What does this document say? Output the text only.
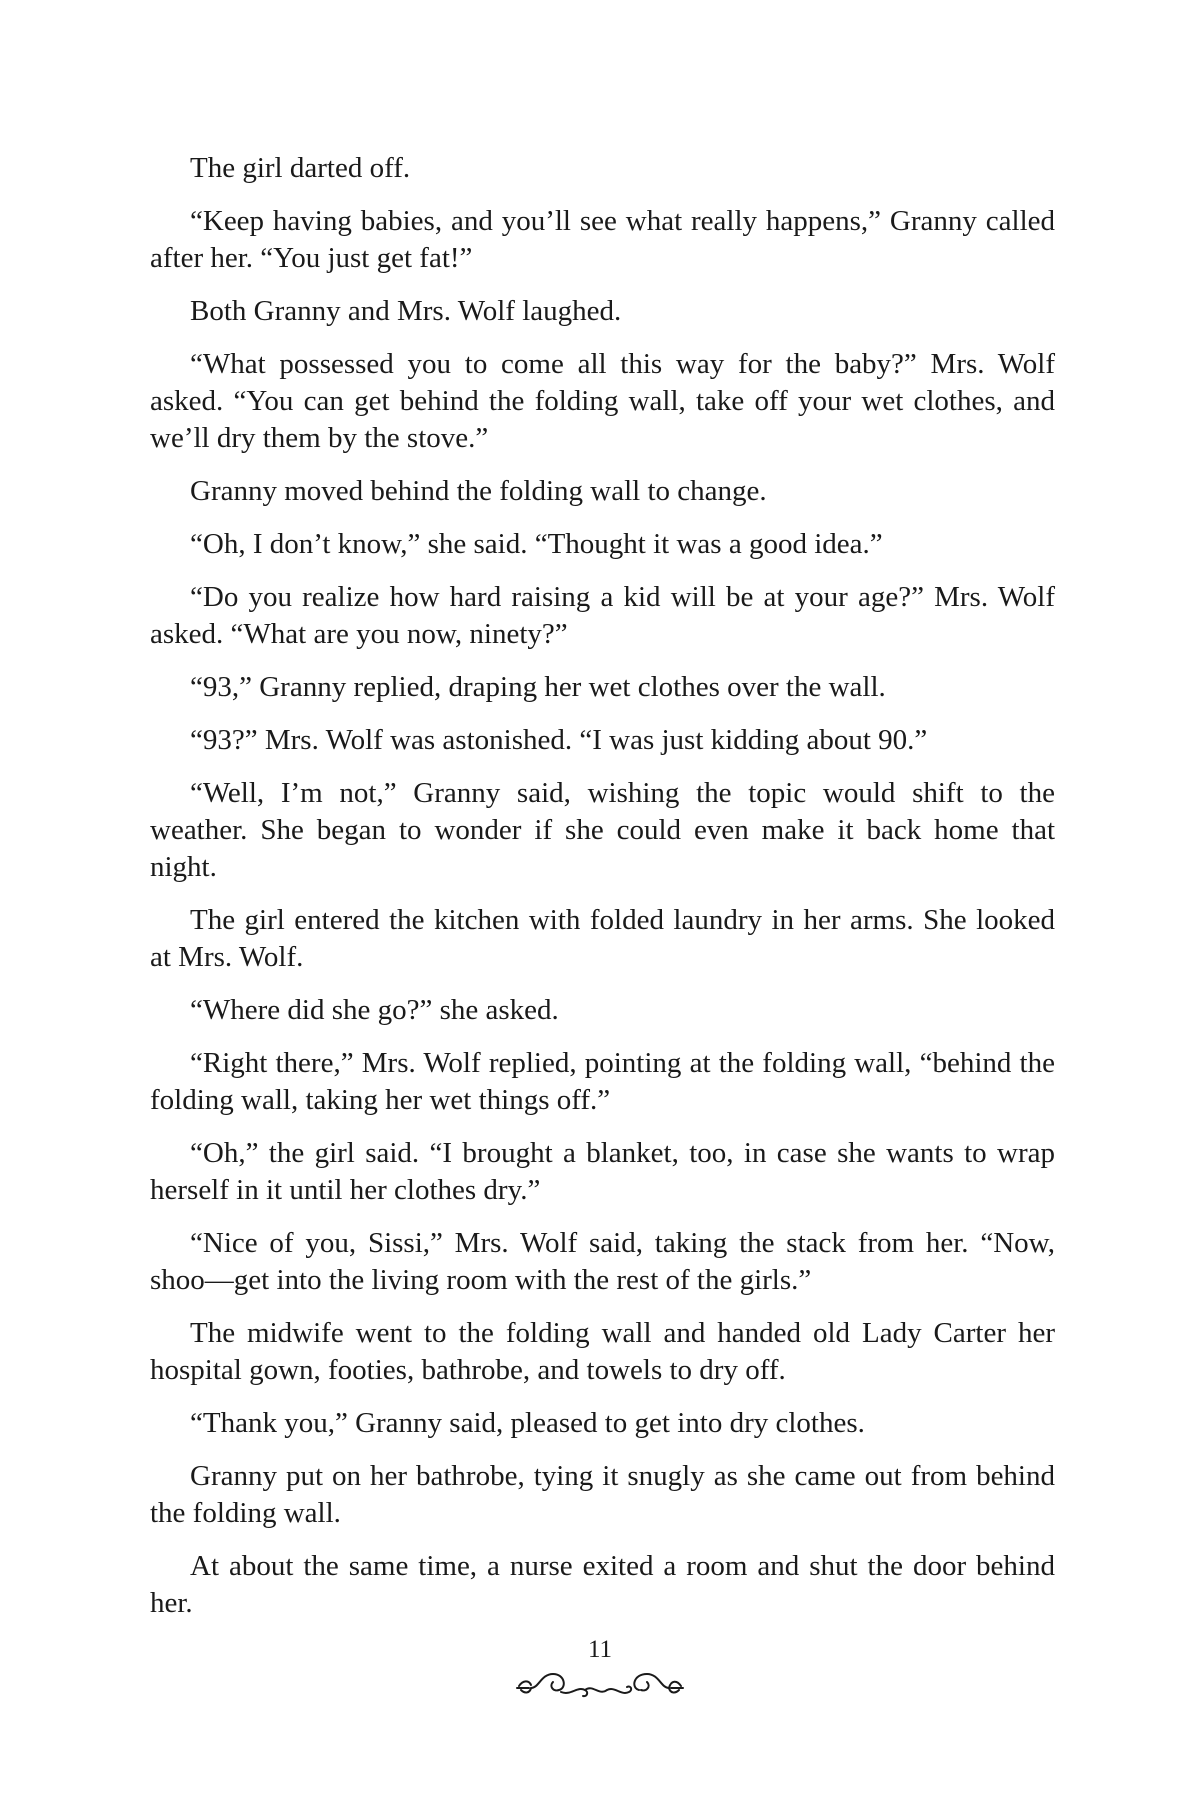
The girl darted off.

“Keep having babies, and you’ll see what really happens,” Granny called after her. “You just get fat!”

Both Granny and Mrs. Wolf laughed.

“What possessed you to come all this way for the baby?” Mrs. Wolf asked. “You can get behind the folding wall, take off your wet clothes, and we’ll dry them by the stove.”

Granny moved behind the folding wall to change.

“Oh, I don’t know,” she said. “Thought it was a good idea.”

“Do you realize how hard raising a kid will be at your age?” Mrs. Wolf asked. “What are you now, ninety?”

“93,” Granny replied, draping her wet clothes over the wall.

“93?” Mrs. Wolf was astonished. “I was just kidding about 90.”

“Well, I’m not,” Granny said, wishing the topic would shift to the weather. She began to wonder if she could even make it back home that night.

The girl entered the kitchen with folded laundry in her arms. She looked at Mrs. Wolf.

“Where did she go?” she asked.

“Right there,” Mrs. Wolf replied, pointing at the folding wall, “behind the folding wall, taking her wet things off.”

“Oh,” the girl said. “I brought a blanket, too, in case she wants to wrap herself in it until her clothes dry.”

“Nice of you, Sissi,” Mrs. Wolf said, taking the stack from her. “Now, shoo—get into the living room with the rest of the girls.”

The midwife went to the folding wall and handed old Lady Carter her hospital gown, footies, bathrobe, and towels to dry off.

“Thank you,” Granny said, pleased to get into dry clothes.

Granny put on her bathrobe, tying it snugly as she came out from behind the folding wall.

At about the same time, a nurse exited a room and shut the door behind her.

11
